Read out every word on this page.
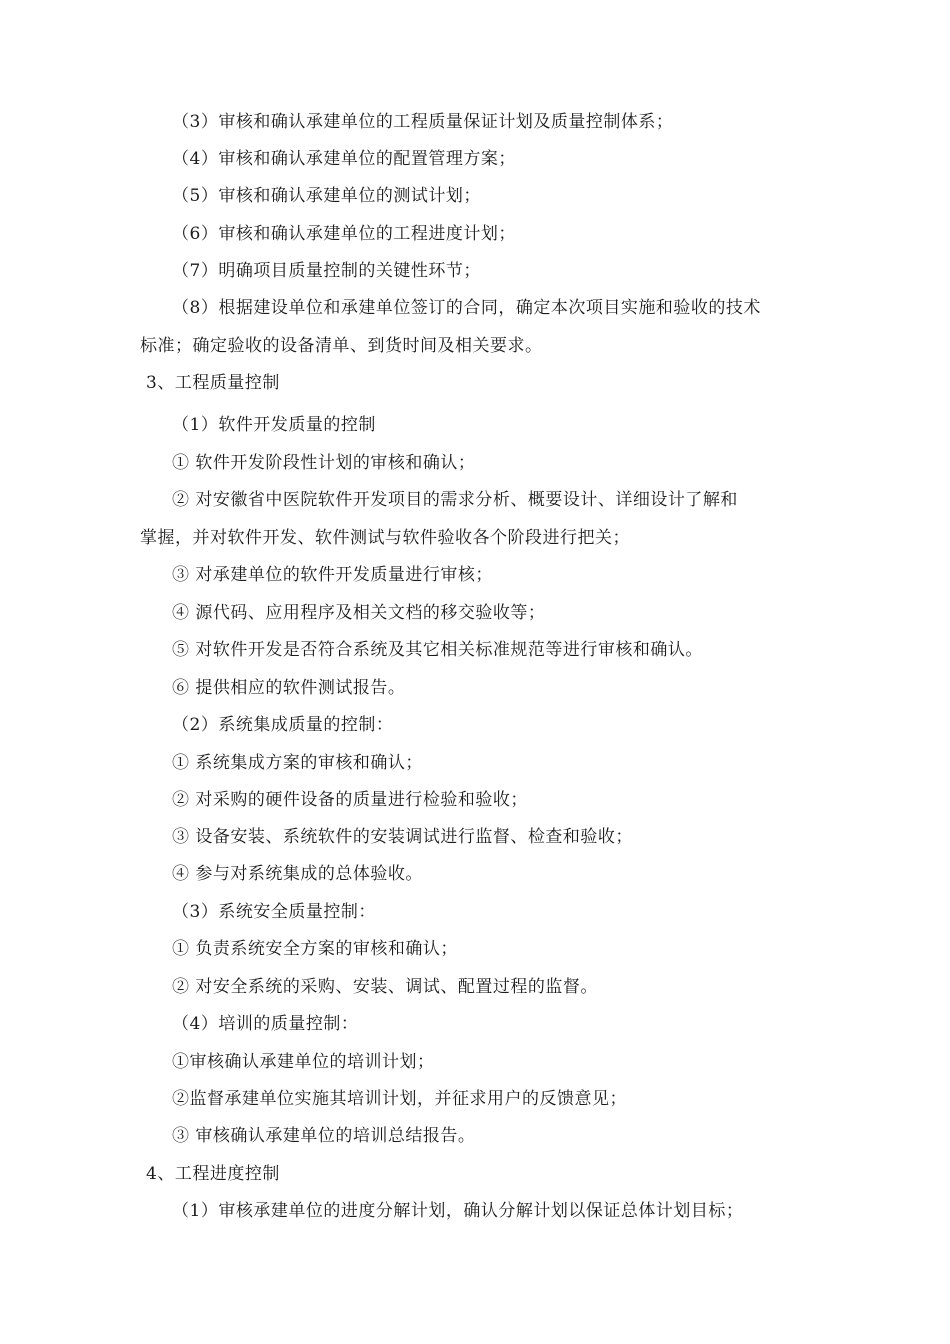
（3）审核和确认承建单位的工程质量保证计划及质量控制体系；
（4）审核和确认承建单位的配置管理方案；
（5）审核和确认承建单位的测试计划；
（6）审核和确认承建单位的工程进度计划；
（7）明确项目质量控制的关键性环节；
（8）根据建设单位和承建单位签订的合同，确定本次项目实施和验收的技术
标准；确定验收的设备清单、到货时间及相关要求。
3、工程质量控制
（1）软件开发质量的控制
① 软件开发阶段性计划的审核和确认；
② 对安徽省中医院软件开发项目的需求分析、概要设计、详细设计了解和
掌握，并对软件开发、软件测试与软件验收各个阶段进行把关；
③ 对承建单位的软件开发质量进行审核；
④ 源代码、应用程序及相关文档的移交验收等；
⑤ 对软件开发是否符合系统及其它相关标准规范等进行审核和确认。
⑥ 提供相应的软件测试报告。
（2）系统集成质量的控制：
① 系统集成方案的审核和确认；
② 对采购的硬件设备的质量进行检验和验收；
③ 设备安装、系统软件的安装调试进行监督、检查和验收；
④ 参与对系统集成的总体验收。
（3）系统安全质量控制：
① 负责系统安全方案的审核和确认；
② 对安全系统的采购、安装、调试、配置过程的监督。
（4）培训的质量控制：
①审核确认承建单位的培训计划；
②监督承建单位实施其培训计划，并征求用户的反馈意见；
③ 审核确认承建单位的培训总结报告。
4、工程进度控制
（1）审核承建单位的进度分解计划，确认分解计划以保证总体计划目标；
